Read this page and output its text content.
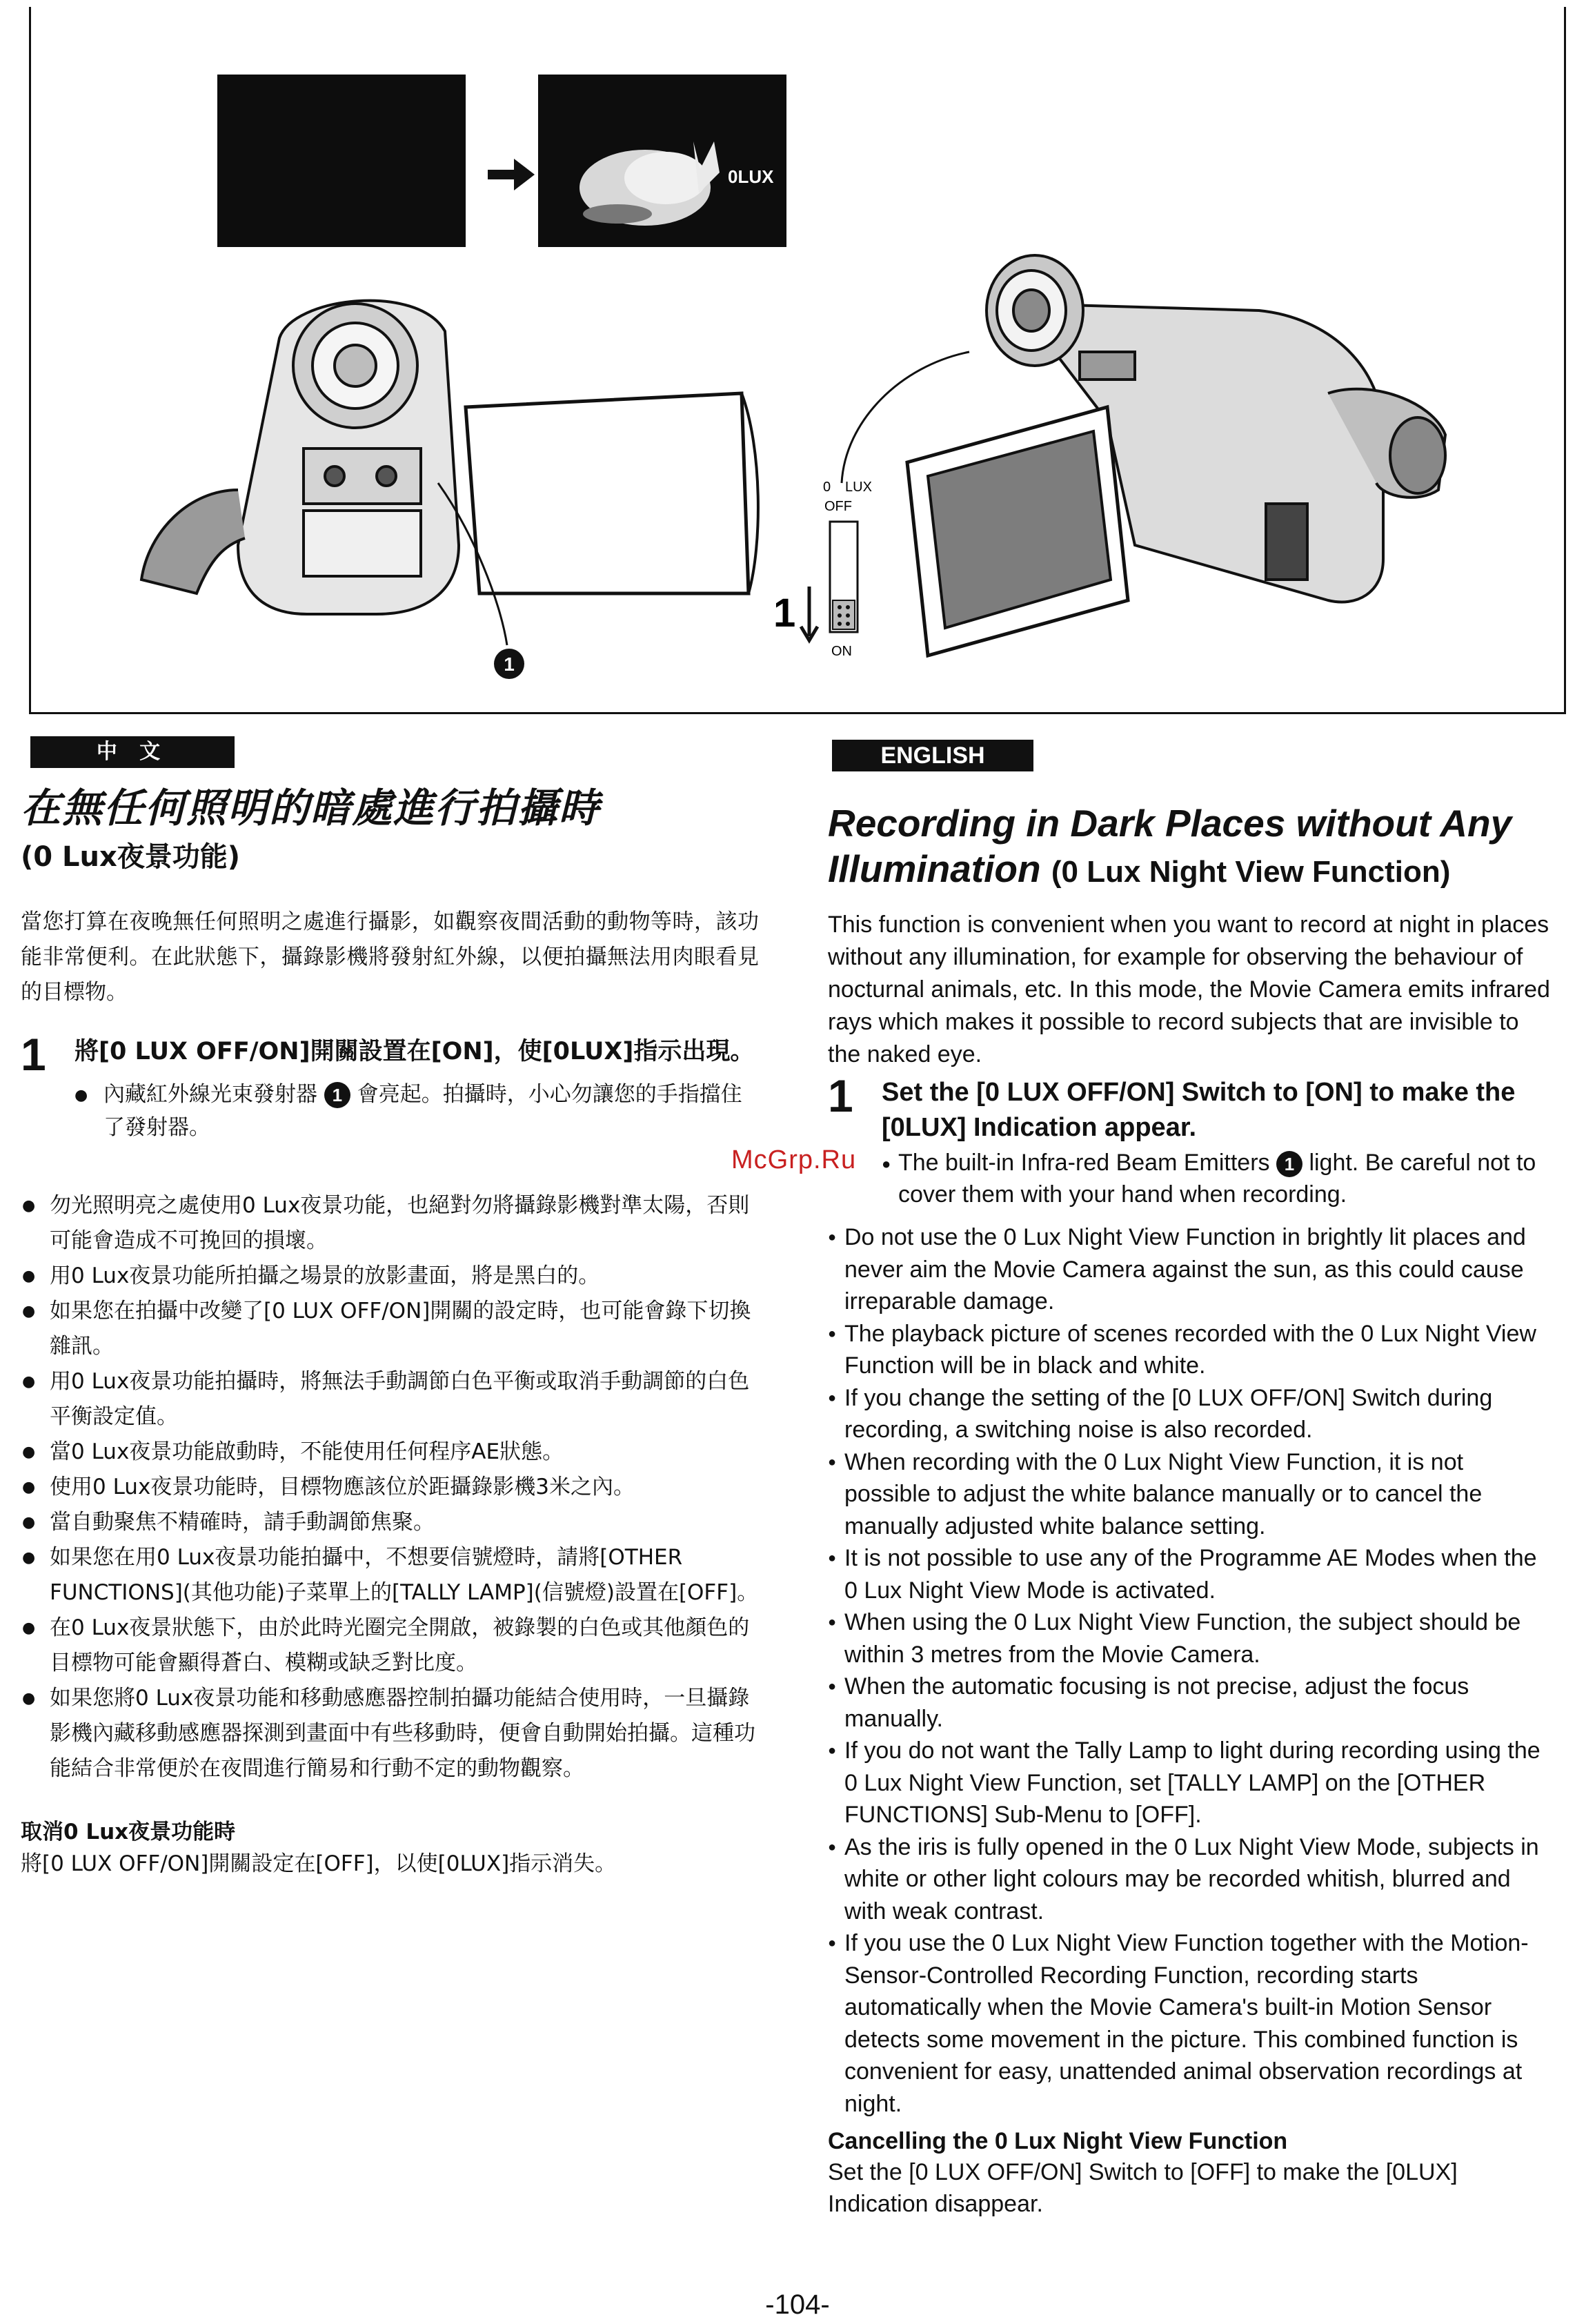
0LUX
1
0 LUX
OFF
ON
1
中 文
在無任何照明的暗處進行拍攝時

(0 Lux夜景功能)

當您打算在夜晚無任何照明之處進行攝影，如觀察夜間活動的動物等時，該功能非常便利。在此狀態下，攝錄影機將發射紅外線，以便拍攝無法用肉眼看見的目標物。

1 將[0 LUX OFF/ON]開關設置在[ON]，使[0LUX]指示出現。
● 內藏紅外線光束發射器 1 會亮起。拍攝時，小心勿讓您的手指擋住了發射器。
● 勿光照明亮之處使用0 Lux夜景功能，也絕對勿將攝錄影機對準太陽，否則可能會造成不可挽回的損壞。
● 用0 Lux夜景功能所拍攝之場景的放影畫面，將是黑白的。
● 如果您在拍攝中改變了[0 LUX OFF/ON]開關的設定時，也可能會錄下切換雜訊。
● 用0 Lux夜景功能拍攝時，將無法手動調節白色平衡或取消手動調節的白色平衡設定值。
● 當0 Lux夜景功能啟動時，不能使用任何程序AE狀態。
● 使用0 Lux夜景功能時，目標物應該位於距攝錄影機3米之內。
● 當自動聚焦不精確時，請手動調節焦聚。
● 如果您在用0 Lux夜景功能拍攝中，不想要信號燈時，請將[OTHER FUNCTIONS](其他功能)子菜單上的[TALLY LAMP](信號燈)設置在[OFF]。
● 在0 Lux夜景狀態下，由於此時光圈完全開啟，被錄製的白色或其他顏色的目標物可能會顯得蒼白、模糊或缺乏對比度。
● 如果您將0 Lux夜景功能和移動感應器控制拍攝功能結合使用時，一旦攝錄影機內藏移動感應器探測到畫面中有些移動時，便會自動開始拍攝。這種功能結合非常便於在夜間進行簡易和行動不定的動物觀察。

取消0 Lux夜景功能時

將[0 LUX OFF/ON]開關設定在[OFF]，以使[0LUX]指示消失。

ENGLISH
Recording in Dark Places without Any Illumination (0 Lux Night View Function)

This function is convenient when you want to record at night in places without any illumination, for example for observing the behaviour of nocturnal animals, etc. In this mode, the Movie Camera emits infrared rays which makes it possible to record subjects that are invisible to the naked eye.

1 Set the [0 LUX OFF/ON] Switch to [ON] to make the [0LUX] Indication appear.
● The built-in Infra-red Beam Emitters 1 light. Be careful not to cover them with your hand when recording.
● Do not use the 0 Lux Night View Function in brightly lit places and never aim the Movie Camera against the sun, as this could cause irreparable damage.
● The playback picture of scenes recorded with the 0 Lux Night View Function will be in black and white.
● If you change the setting of the [0 LUX OFF/ON] Switch during recording, a switching noise is also recorded.
● When recording with the 0 Lux Night View Function, it is not possible to adjust the white balance manually or to cancel the manually adjusted white balance setting.
● It is not possible to use any of the Programme AE Modes when the 0 Lux Night View Mode is activated.
● When using the 0 Lux Night View Function, the subject should be within 3 metres from the Movie Camera.
● When the automatic focusing is not precise, adjust the focus manually.
● If you do not want the Tally Lamp to light during recording using the 0 Lux Night View Function, set [TALLY LAMP] on the [OTHER FUNCTIONS] Sub-Menu to [OFF].
● As the iris is fully opened in the 0 Lux Night View Mode, subjects in white or other light colours may be recorded whitish, blurred and with weak contrast.
● If you use the 0 Lux Night View Function together with the Motion-Sensor-Controlled Recording Function, recording starts automatically when the Movie Camera's built-in Motion Sensor detects some movement in the picture. This combined function is convenient for easy, unattended animal observation recordings at night.

Cancelling the 0 Lux Night View Function

Set the [0 LUX OFF/ON] Switch to [OFF] to make the [0LUX] Indication disappear.

McGrp.Ru
-104-
